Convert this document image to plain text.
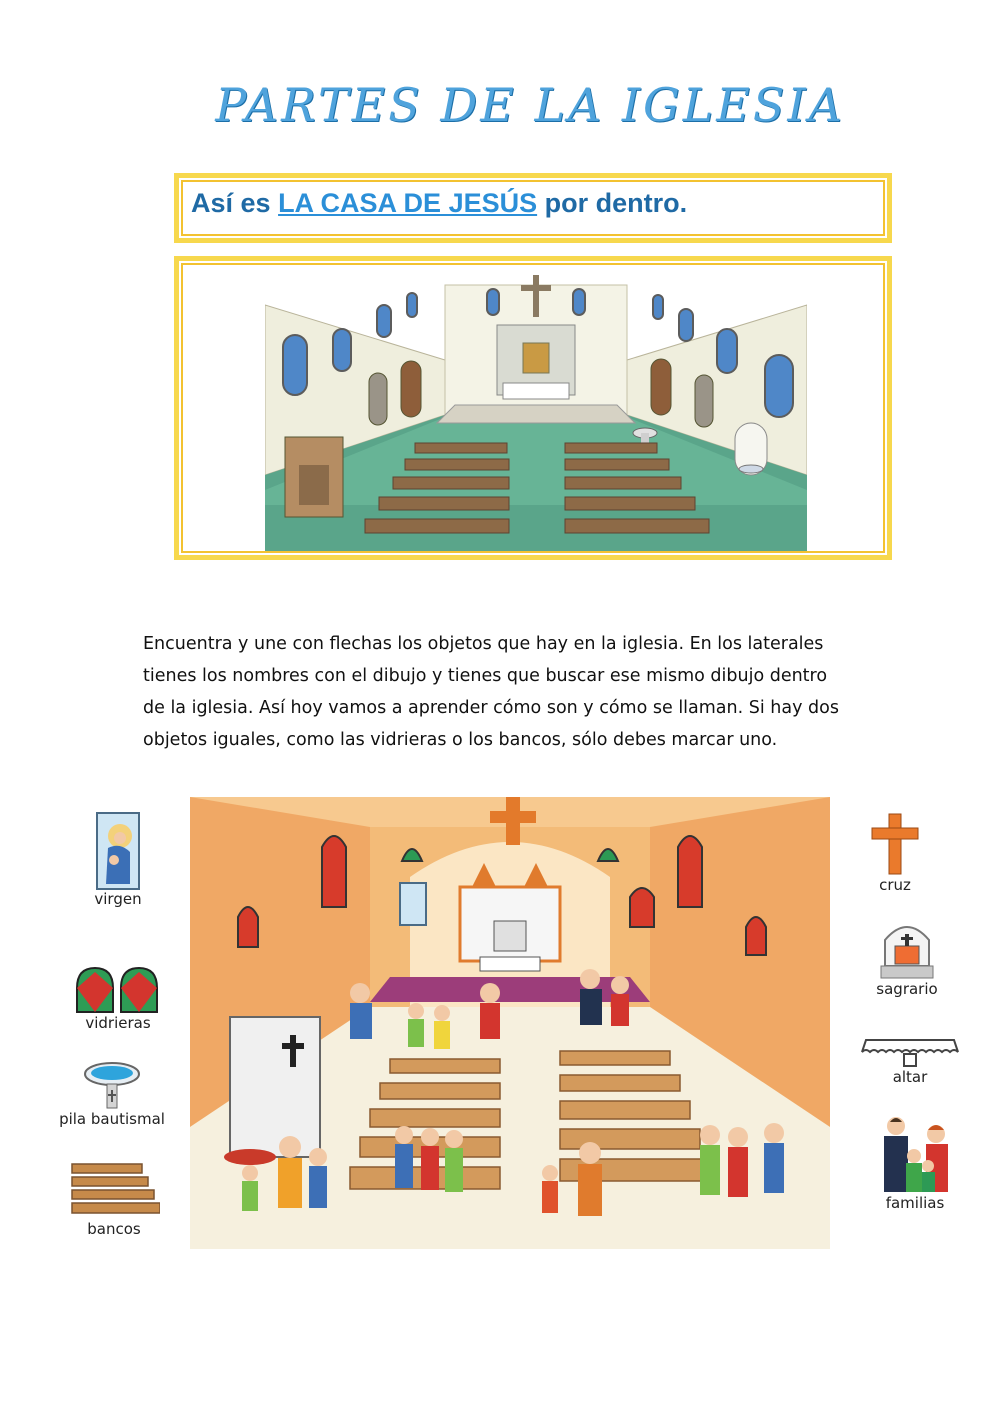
PARTES DE LA IGLESIA
Así es LA CASA DE JESÚS por dentro.

Encuentra y une con flechas los objetos que hay en la iglesia. En los laterales

tienes los nombres con el dibujo y tienes que buscar ese mismo dibujo dentro

de la iglesia. Así hoy vamos a aprender cómo son y cómo se llaman. Si hay dos

objetos iguales, como las vidrieras o los bancos, sólo debes marcar uno.

virgen
vidrieras
pila bautismal
bancos
cruz
sagrario
altar
familias
